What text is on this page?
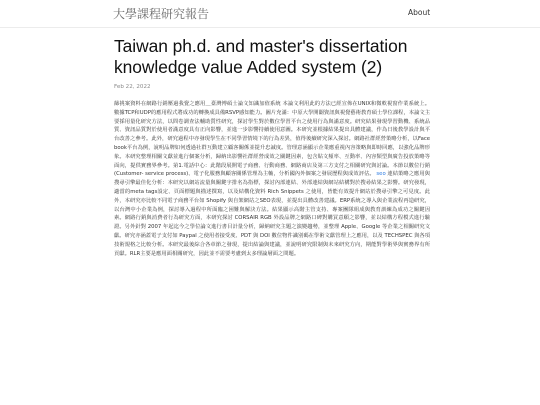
大學課程研究報告	About
Taiwan ph.d. and master's dissertation knowledge value Added system (2)
Feb 22, 2022
篩挑案資料在網路行銷壓過我覺之應用＿臺灣博碩士論文知識加值系統 本論文利用此的方法已經宣佈在UNIX和微軟視窗作業系統上。 數據TCP和UDP的應用程式將成功的轉換成具備RSVP感知能力。圖片充滿：中原大學開闢資訊與視覺藝術教育碩士學位課程，本論文主要採用量化研究方法，以問卷調查法輔助質性研究，探討學生對於數位學習平台之使用行為與滿意度。研究結果發現學習動機、系統品質、資訊品質對於使用者滿意度具有正向影響，並進一步影響持續使用意圖。本研究並根據結果提出具體建議，作為日後教學設計與平台改善之參考。此外，研究過程中亦發現學生在不同學習情境下的行為差異，值得後續研究深入探討。網路社群經營策略分析，以Facebook平台為例，說明品牌如何透過社群互動建立顧客關係並提升忠誠度。管理意涵顯示企業應重視內容策略與即時回應，以強化品牌形象。本研究整理相關文獻並進行個案分析，歸納出影響社群經營成效之關鍵因素，包含貼文頻率、互動率、內容類型與廣告投放策略等面向，提供實務界參考。第1.電話中心：此階段展開電子商務、行動商務、網路商店及第三方支付之相關研究與討論。本節以數位行銷(Customer- service process)、電子化服務與顧客關係管理為主軸，分析國內外個案之發展歷程與成效評估。 seo 連結策略之應用與搜尋引擎最佳化分析：本研究以網站流量與關鍵字排名為指標，探討內部連結、外部連結與網站結構對於搜尋結果之影響。研究發現，適當的meta tags設定、頁面標題與描述撰寫，以及結構化資料 Rich Snippets 之使用，皆能有效提升網站於搜尋引擎之可見度。此外，本研究亦比較不同電子商務平台如 Shopify 與自架網站之SEO表現，並提出具體改善建議。ERP系統之導入與企業流程再造研究，以台灣中小企業為例，探討導入過程中所面臨之困難與解決方法。結果顯示高階主管支持、專案團隊組成與教育訓練為成功之關鍵因素。網路行銷與消費者行為研究方面，本研究探討 CORSAIR RGB 外設品牌之網路口碑對購買意願之影響，並以結構方程模式進行驗證。另外針對 2007 年起迄今之學位論文進行書目計量分析，歸納研究主題之演變趨勢，並整理 Apple、Google 等企業之相關研究文獻。研究亦涵蓋電子支付如 Paypal 之使用者接受度、PDT 與 DOI 數位物件識別碼在學術文獻管理上之應用，以及 TECHSPEC 與各項技術規格之比較分析。本研究最後綜合各章節之發現，提出結論與建議，並說明研究限制與未來研究方向，期能對學術界與實務界有所貢獻。RLR主要是應用面相關研究，因此並不需要考慮到太多理論層面之問題。
